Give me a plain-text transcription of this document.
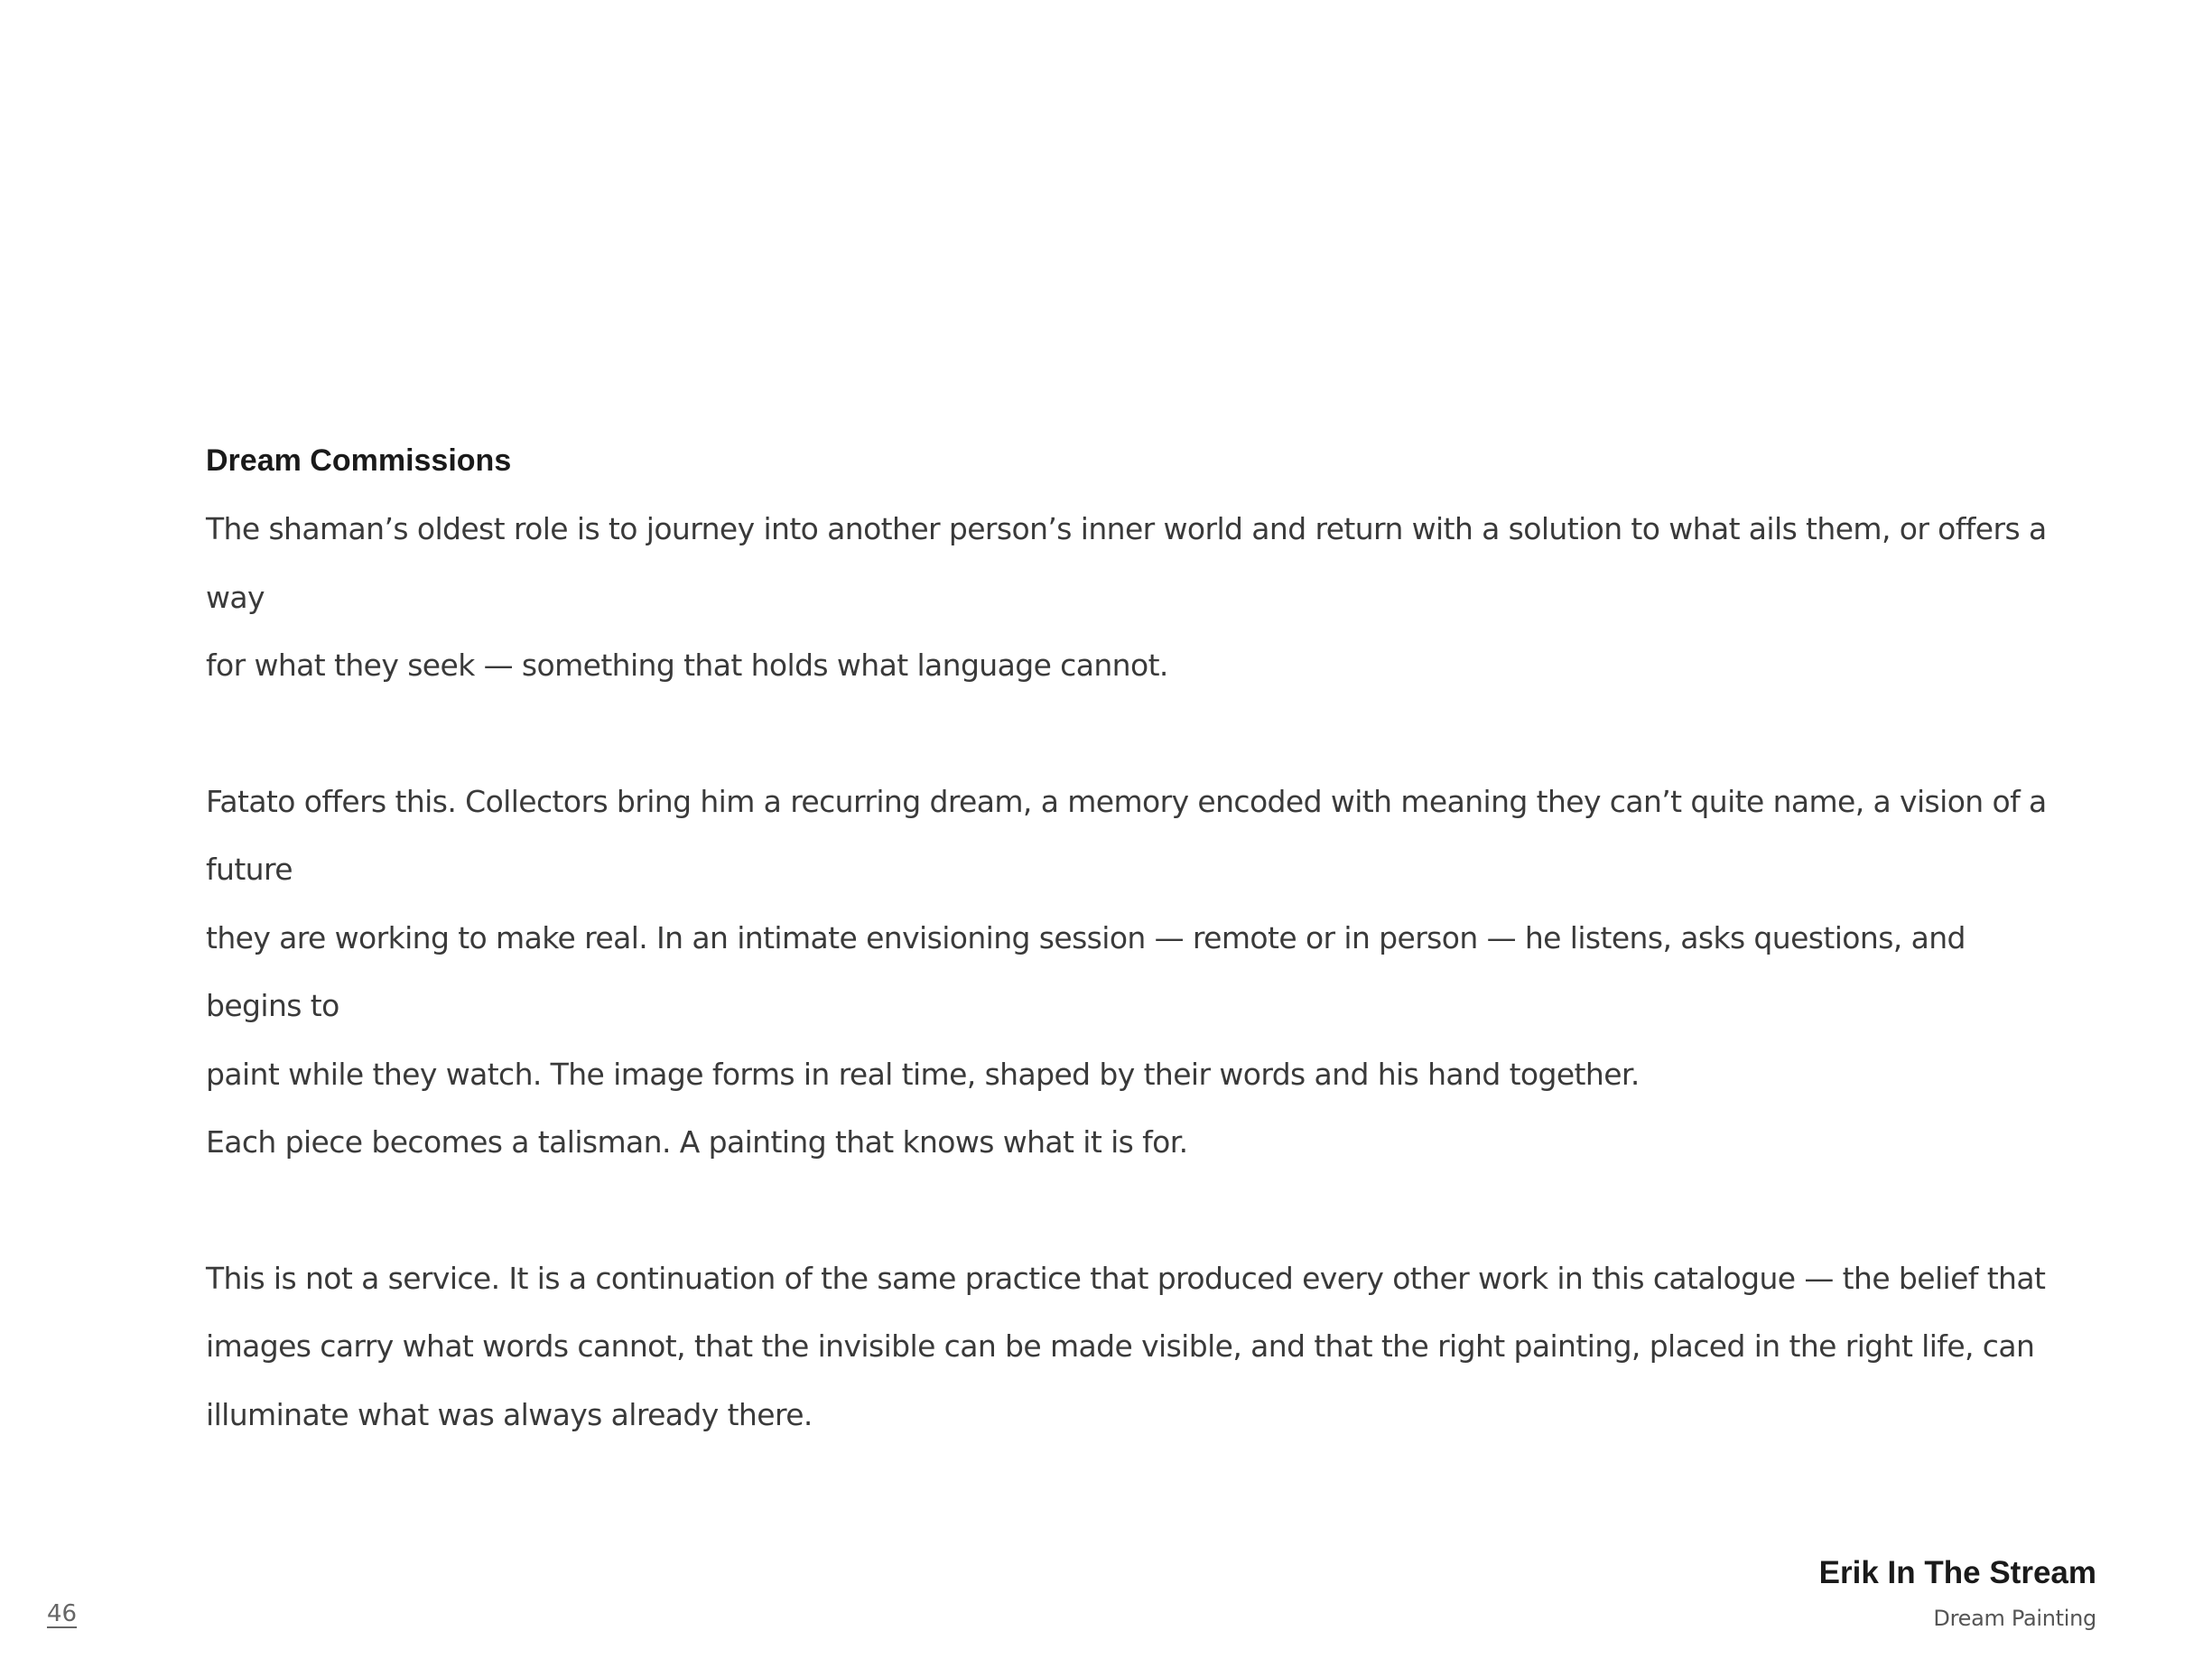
Dream Commissions

The shaman’s oldest role is to journey into another person’s inner world and return with a solution to what ails them, or offers a way

for what they seek — something that holds what language cannot.

Fatato offers this. Collectors bring him a recurring dream, a memory encoded with meaning they can’t quite name, a vision of a future

they are working to make real. In an intimate envisioning session — remote or in person — he listens, asks questions, and begins to

paint while they watch. The image forms in real time, shaped by their words and his hand together.

Each piece becomes a talisman. A painting that knows what it is for.

This is not a service. It is a continuation of the same practice that produced every other work in this catalogue — the belief that

images carry what words cannot, that the invisible can be made visible, and that the right painting, placed in the right life, can

illuminate what was always already there.

Erik In The Stream
Dream Painting
46
